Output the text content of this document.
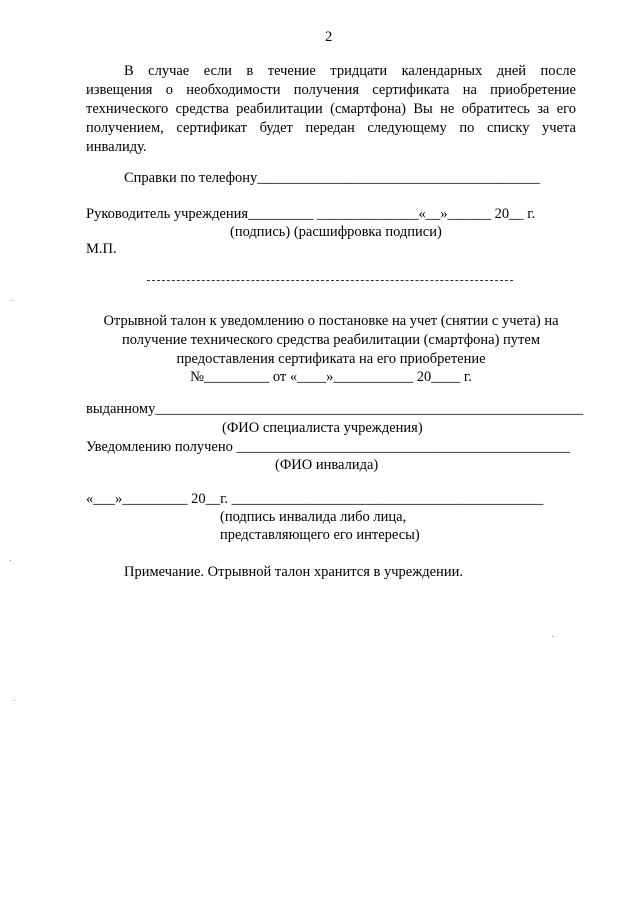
2
В случае если в течение тридцати календарных дней после
извещения о необходимости получения сертификата на приобретение
технического средства реабилитации (смартфона) Вы не обратитесь за его
получением, сертификат будет передан следующему по списку учета
инвалиду.
Справки по телефону_______________________________________
Руководитель учреждения_________ ______________«__»______ 20__ г.
(подпись) (расшифровка подписи)
М.П.
Отрывной талон к уведомлению о постановке на учет (снятии с учета) на
получение технического средства реабилитации (смартфона) путем
предоставления сертификата на его приобретение
№_________ от «____»___________ 20____ г.
выданному___________________________________________________________
(ФИО специалиста учреждения)
Уведомлению получено ______________________________________________
(ФИО инвалида)
«___»_________ 20__г. ___________________________________________
(подпись инвалида либо лица,
представляющего его интересы)
Примечание. Отрывной талон хранится в учреждении.
